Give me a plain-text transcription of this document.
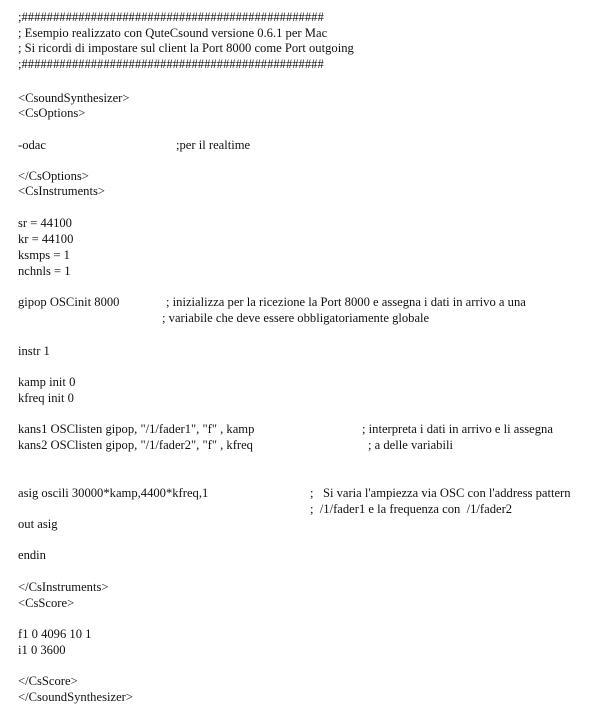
;################################################
; Esempio realizzato con QuteCsound versione 0.6.1 per Mac
; Si ricordi di impostare sul client la Port 8000 come Port outgoing
;################################################
<CsoundSynthesizer>
<CsOptions>
-odac	;per il realtime
</CsOptions>
<CsInstruments>
sr = 44100
kr = 44100
ksmps = 1
nchnls = 1
gipop OSCinit 8000	; inizializza per la ricezione la Port 8000 e assegna i dati in arrivo a una
; variabile che deve essere obbligatoriamente globale
instr 1
kamp init 0
kfreq init 0
kans1 OSClisten gipop, "/1/fader1", "f" , kamp	; interpreta i dati in arrivo e li assegna
kans2 OSClisten gipop, "/1/fader2", "f" , kfreq	; a delle variabili
asig oscili 30000*kamp,4400*kfreq,1	;   Si varia l'ampiezza via OSC con l'address pattern
;  /1/fader1 e la frequenza con  /1/fader2
out asig
endin
</CsInstruments>
<CsScore>
f1 0 4096 10 1
i1 0 3600
</CsScore>
</CsoundSynthesizer>
